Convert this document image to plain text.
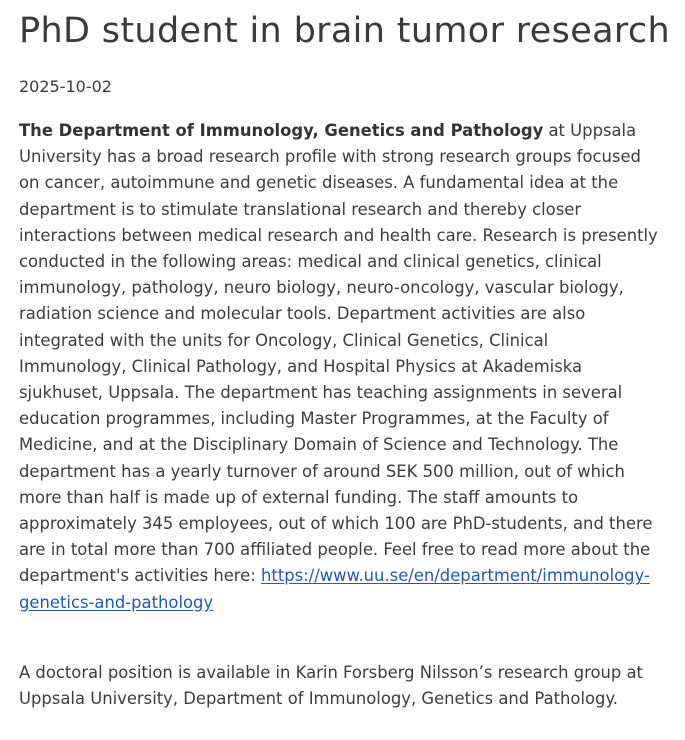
PhD student in brain tumor research

2025-10-02

The Department of Immunology, Genetics and Pathology at Uppsala University has a broad research profile with strong research groups focused on cancer, autoimmune and genetic diseases. A fundamental idea at the department is to stimulate translational research and thereby closer interactions between medical research and health care. Research is presently conducted in the following areas: medical and clinical genetics, clinical immunology, pathology, neuro biology, neuro-oncology, vascular biology, radiation science and molecular tools. Department activities are also integrated with the units for Oncology, Clinical Genetics, Clinical Immunology, Clinical Pathology, and Hospital Physics at Akademiska sjukhuset, Uppsala. The department has teaching assignments in several education programmes, including Master Programmes, at the Faculty of Medicine, and at the Disciplinary Domain of Science and Technology. The department has a yearly turnover of around SEK 500 million, out of which more than half is made up of external funding. The staff amounts to approximately 345 employees, out of which 100 are PhD-students, and there are in total more than 700 affiliated people. Feel free to read more about the department's activities here: https://www.uu.se/en/department/immunology-genetics-and-pathology

A doctoral position is available in Karin Forsberg Nilsson’s research group at Uppsala University, Department of Immunology, Genetics and Pathology.
